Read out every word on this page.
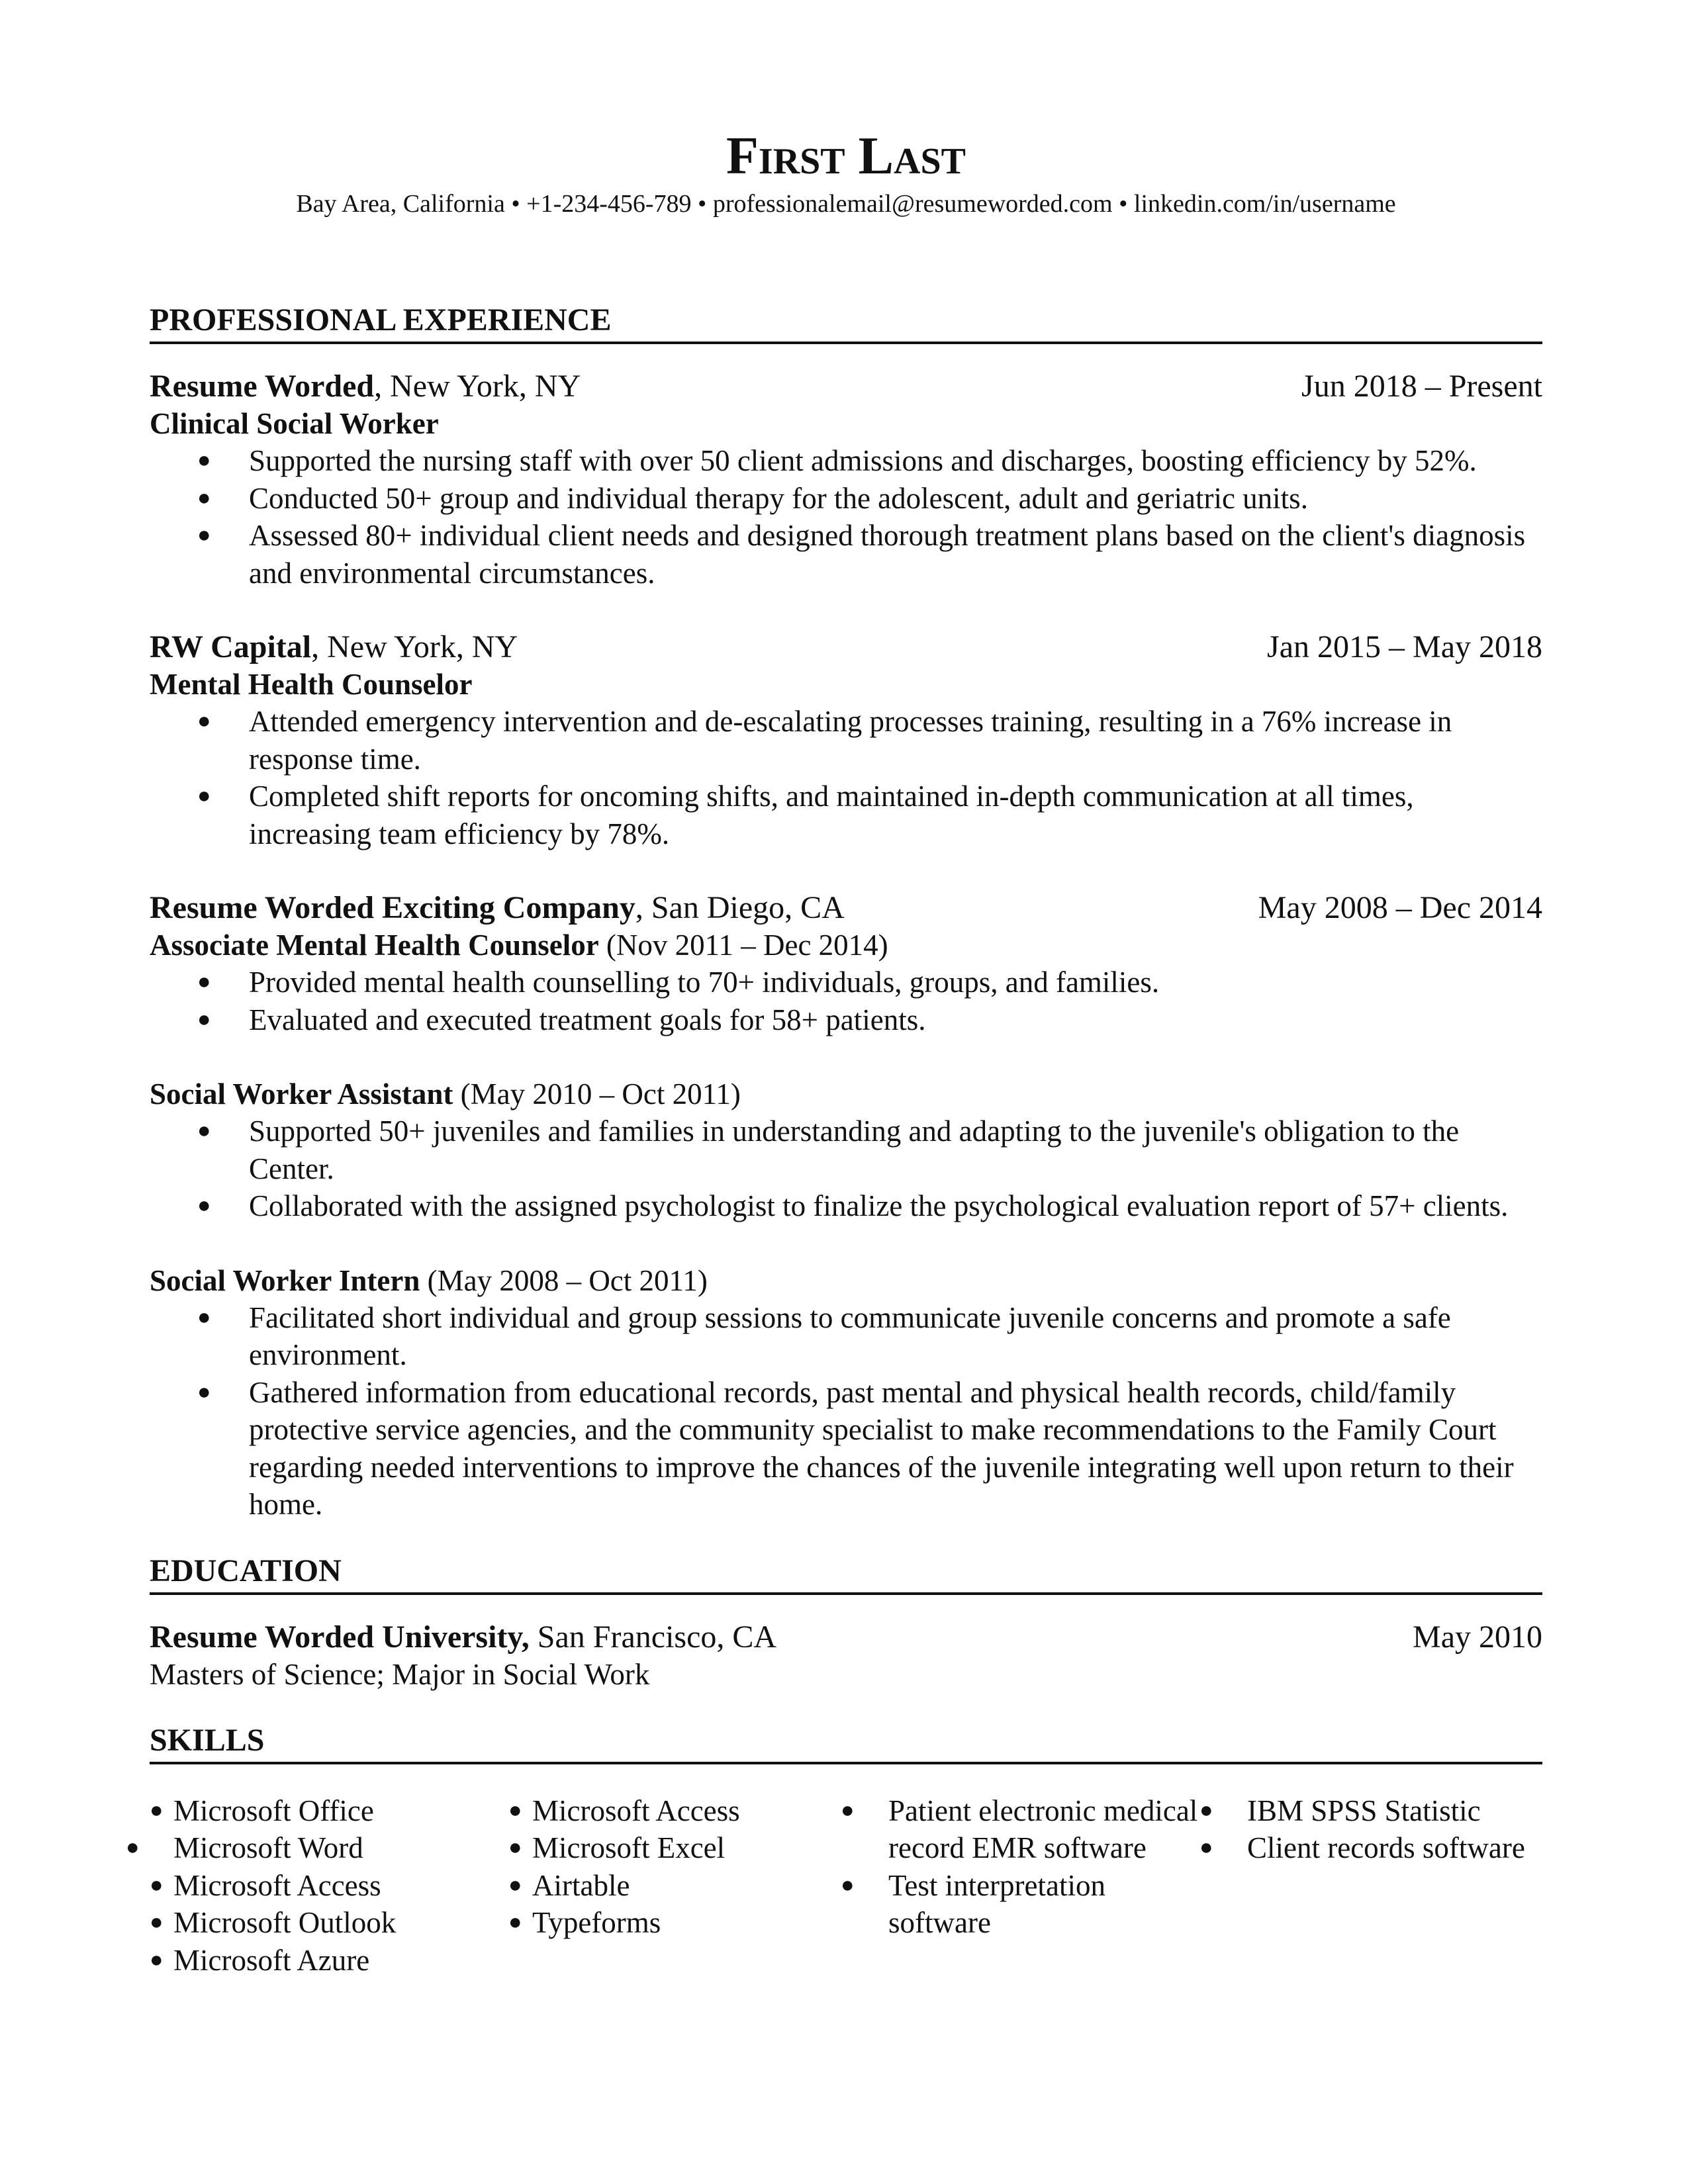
First Last
Bay Area, California • +1-234-456-789 • professionalemail@resumeworded.com • linkedin.com/in/username
PROFESSIONAL EXPERIENCE
Resume Worded, New York, NY	Jun 2018 – Present
Clinical Social Worker
● Supported the nursing staff with over 50 client admissions and discharges, boosting efficiency by 52%.
● Conducted 50+ group and individual therapy for the adolescent, adult and geriatric units.
● Assessed 80+ individual client needs and designed thorough treatment plans based on the client's diagnosis and environmental circumstances.
RW Capital, New York, NY	Jan 2015 – May 2018
Mental Health Counselor
● Attended emergency intervention and de-escalating processes training, resulting in a 76% increase in response time.
● Completed shift reports for oncoming shifts, and maintained in-depth communication at all times, increasing team efficiency by 78%.
Resume Worded Exciting Company, San Diego, CA	May 2008 – Dec 2014
Associate Mental Health Counselor (Nov 2011 – Dec 2014)
● Provided mental health counselling to 70+ individuals, groups, and families.
● Evaluated and executed treatment goals for 58+ patients.
Social Worker Assistant (May 2010 – Oct 2011)
● Supported 50+ juveniles and families in understanding and adapting to the juvenile's obligation to the Center.
● Collaborated with the assigned psychologist to finalize the psychological evaluation report of 57+ clients.
Social Worker Intern (May 2008 – Oct 2011)
● Facilitated short individual and group sessions to communicate juvenile concerns and promote a safe environment.
● Gathered information from educational records, past mental and physical health records, child/family protective service agencies, and the community specialist to make recommendations to the Family Court regarding needed interventions to improve the chances of the juvenile integrating well upon return to their home.
EDUCATION
Resume Worded University, San Francisco, CA	May 2010
Masters of Science; Major in Social Work
SKILLS
● Microsoft Office
● Microsoft Word
● Microsoft Access
● Microsoft Outlook
● Microsoft Azure
● Microsoft Access
● Microsoft Excel
● Airtable
● Typeforms
● Patient electronic medical record EMR software
● Test interpretation software
● IBM SPSS Statistic
● Client records software
